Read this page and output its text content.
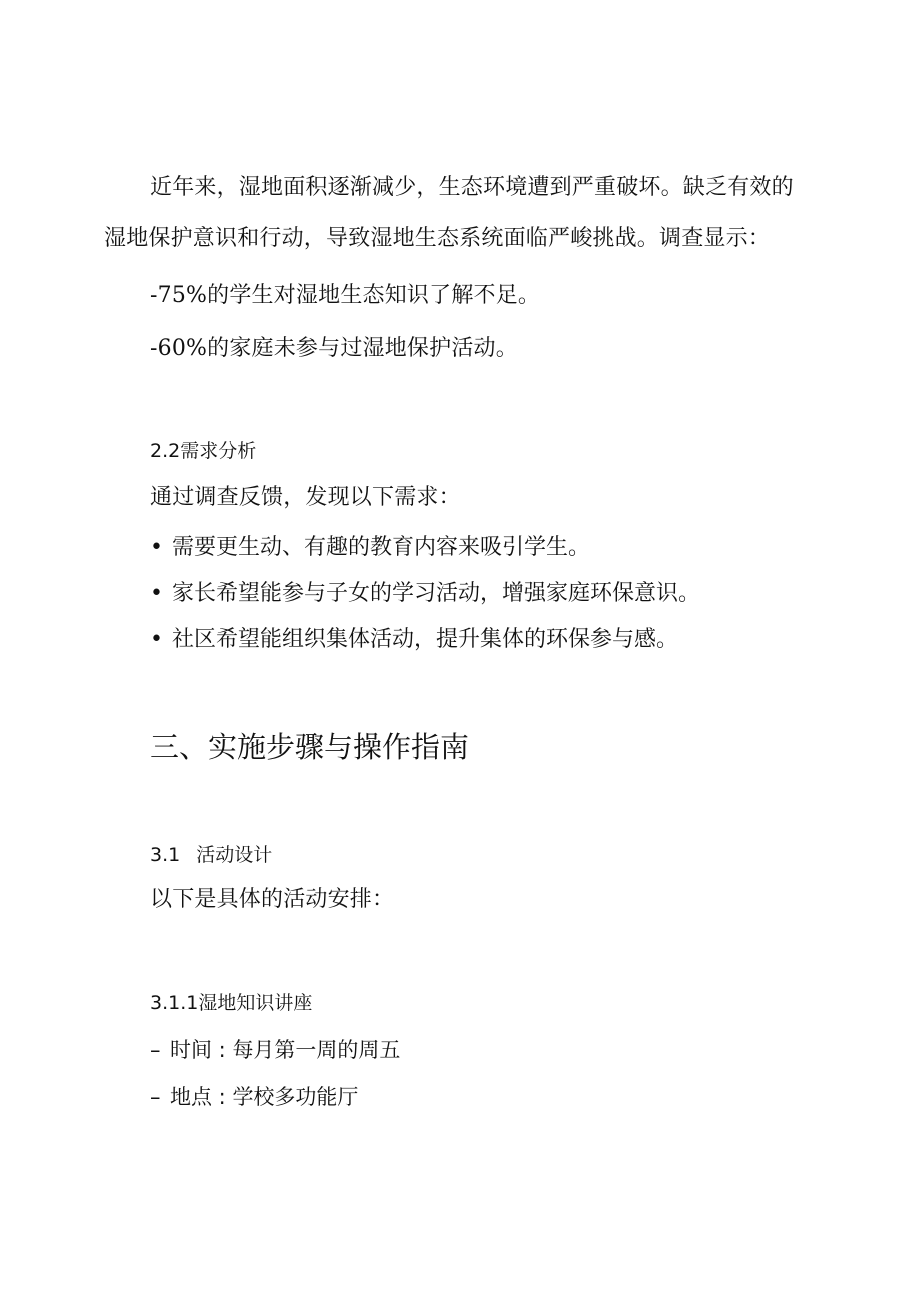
近年来，湿地面积逐渐减少，生态环境遭到严重破坏。缺乏有效的
湿地保护意识和行动，导致湿地生态系统面临严峻挑战。调查显示：
-75%的学生对湿地生态知识了解不足。
-60%的家庭未参与过湿地保护活动。
2.2需求分析
通过调查反馈，发现以下需求：
• 需要更生动、有趣的教育内容来吸引学生。
• 家长希望能参与子女的学习活动，增强家庭环保意识。
• 社区希望能组织集体活动，提升集体的环保参与感。
三、实施步骤与操作指南
3.1 活动设计
以下是具体的活动安排：
3.1.1湿地知识讲座
– 时间 : 每月第一周的周五
– 地点 : 学校多功能厅
